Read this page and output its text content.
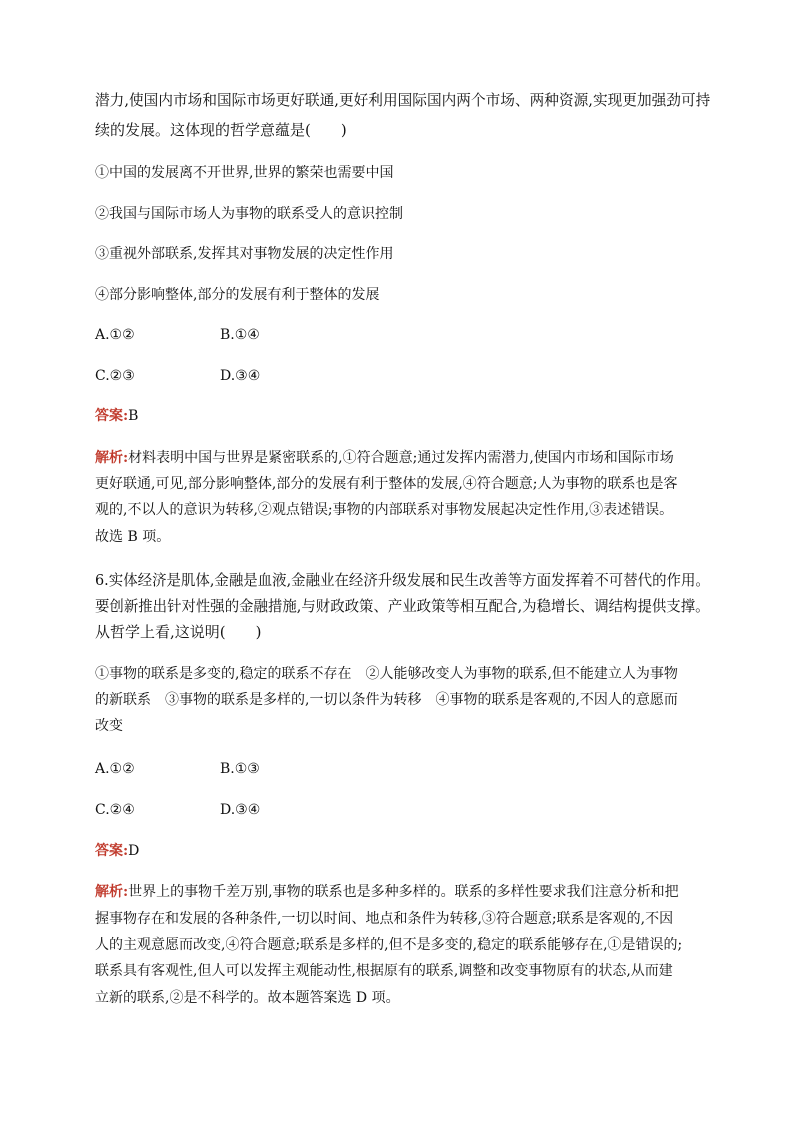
潜力,使国内市场和国际市场更好联通,更好利用国际国内两个市场、两种资源,实现更加强劲可持
续的发展。这体现的哲学意蕴是(　　)
①中国的发展离不开世界,世界的繁荣也需要中国
②我国与国际市场人为事物的联系受人的意识控制
③重视外部联系,发挥其对事物发展的决定性作用
④部分影响整体,部分的发展有利于整体的发展
A.①②	B.①④
C.②③	D.③④
答案:B
解析:材料表明中国与世界是紧密联系的,①符合题意;通过发挥内需潜力,使国内市场和国际市场
更好联通,可见,部分影响整体,部分的发展有利于整体的发展,④符合题意;人为事物的联系也是客
观的,不以人的意识为转移,②观点错误;事物的内部联系对事物发展起决定性作用,③表述错误。
故选 B 项。
6.实体经济是肌体,金融是血液,金融业在经济升级发展和民生改善等方面发挥着不可替代的作用。
要创新推出针对性强的金融措施,与财政政策、产业政策等相互配合,为稳增长、调结构提供支撑。
从哲学上看,这说明(　　)
①事物的联系是多变的,稳定的联系不存在　②人能够改变人为事物的联系,但不能建立人为事物
的新联系　③事物的联系是多样的,一切以条件为转移　④事物的联系是客观的,不因人的意愿而
改变
A.①②	B.①③
C.②④	D.③④
答案:D
解析:世界上的事物千差万别,事物的联系也是多种多样的。联系的多样性要求我们注意分析和把
握事物存在和发展的各种条件,一切以时间、地点和条件为转移,③符合题意;联系是客观的,不因
人的主观意愿而改变,④符合题意;联系是多样的,但不是多变的,稳定的联系能够存在,①是错误的;
联系具有客观性,但人可以发挥主观能动性,根据原有的联系,调整和改变事物原有的状态,从而建
立新的联系,②是不科学的。故本题答案选 D 项。
